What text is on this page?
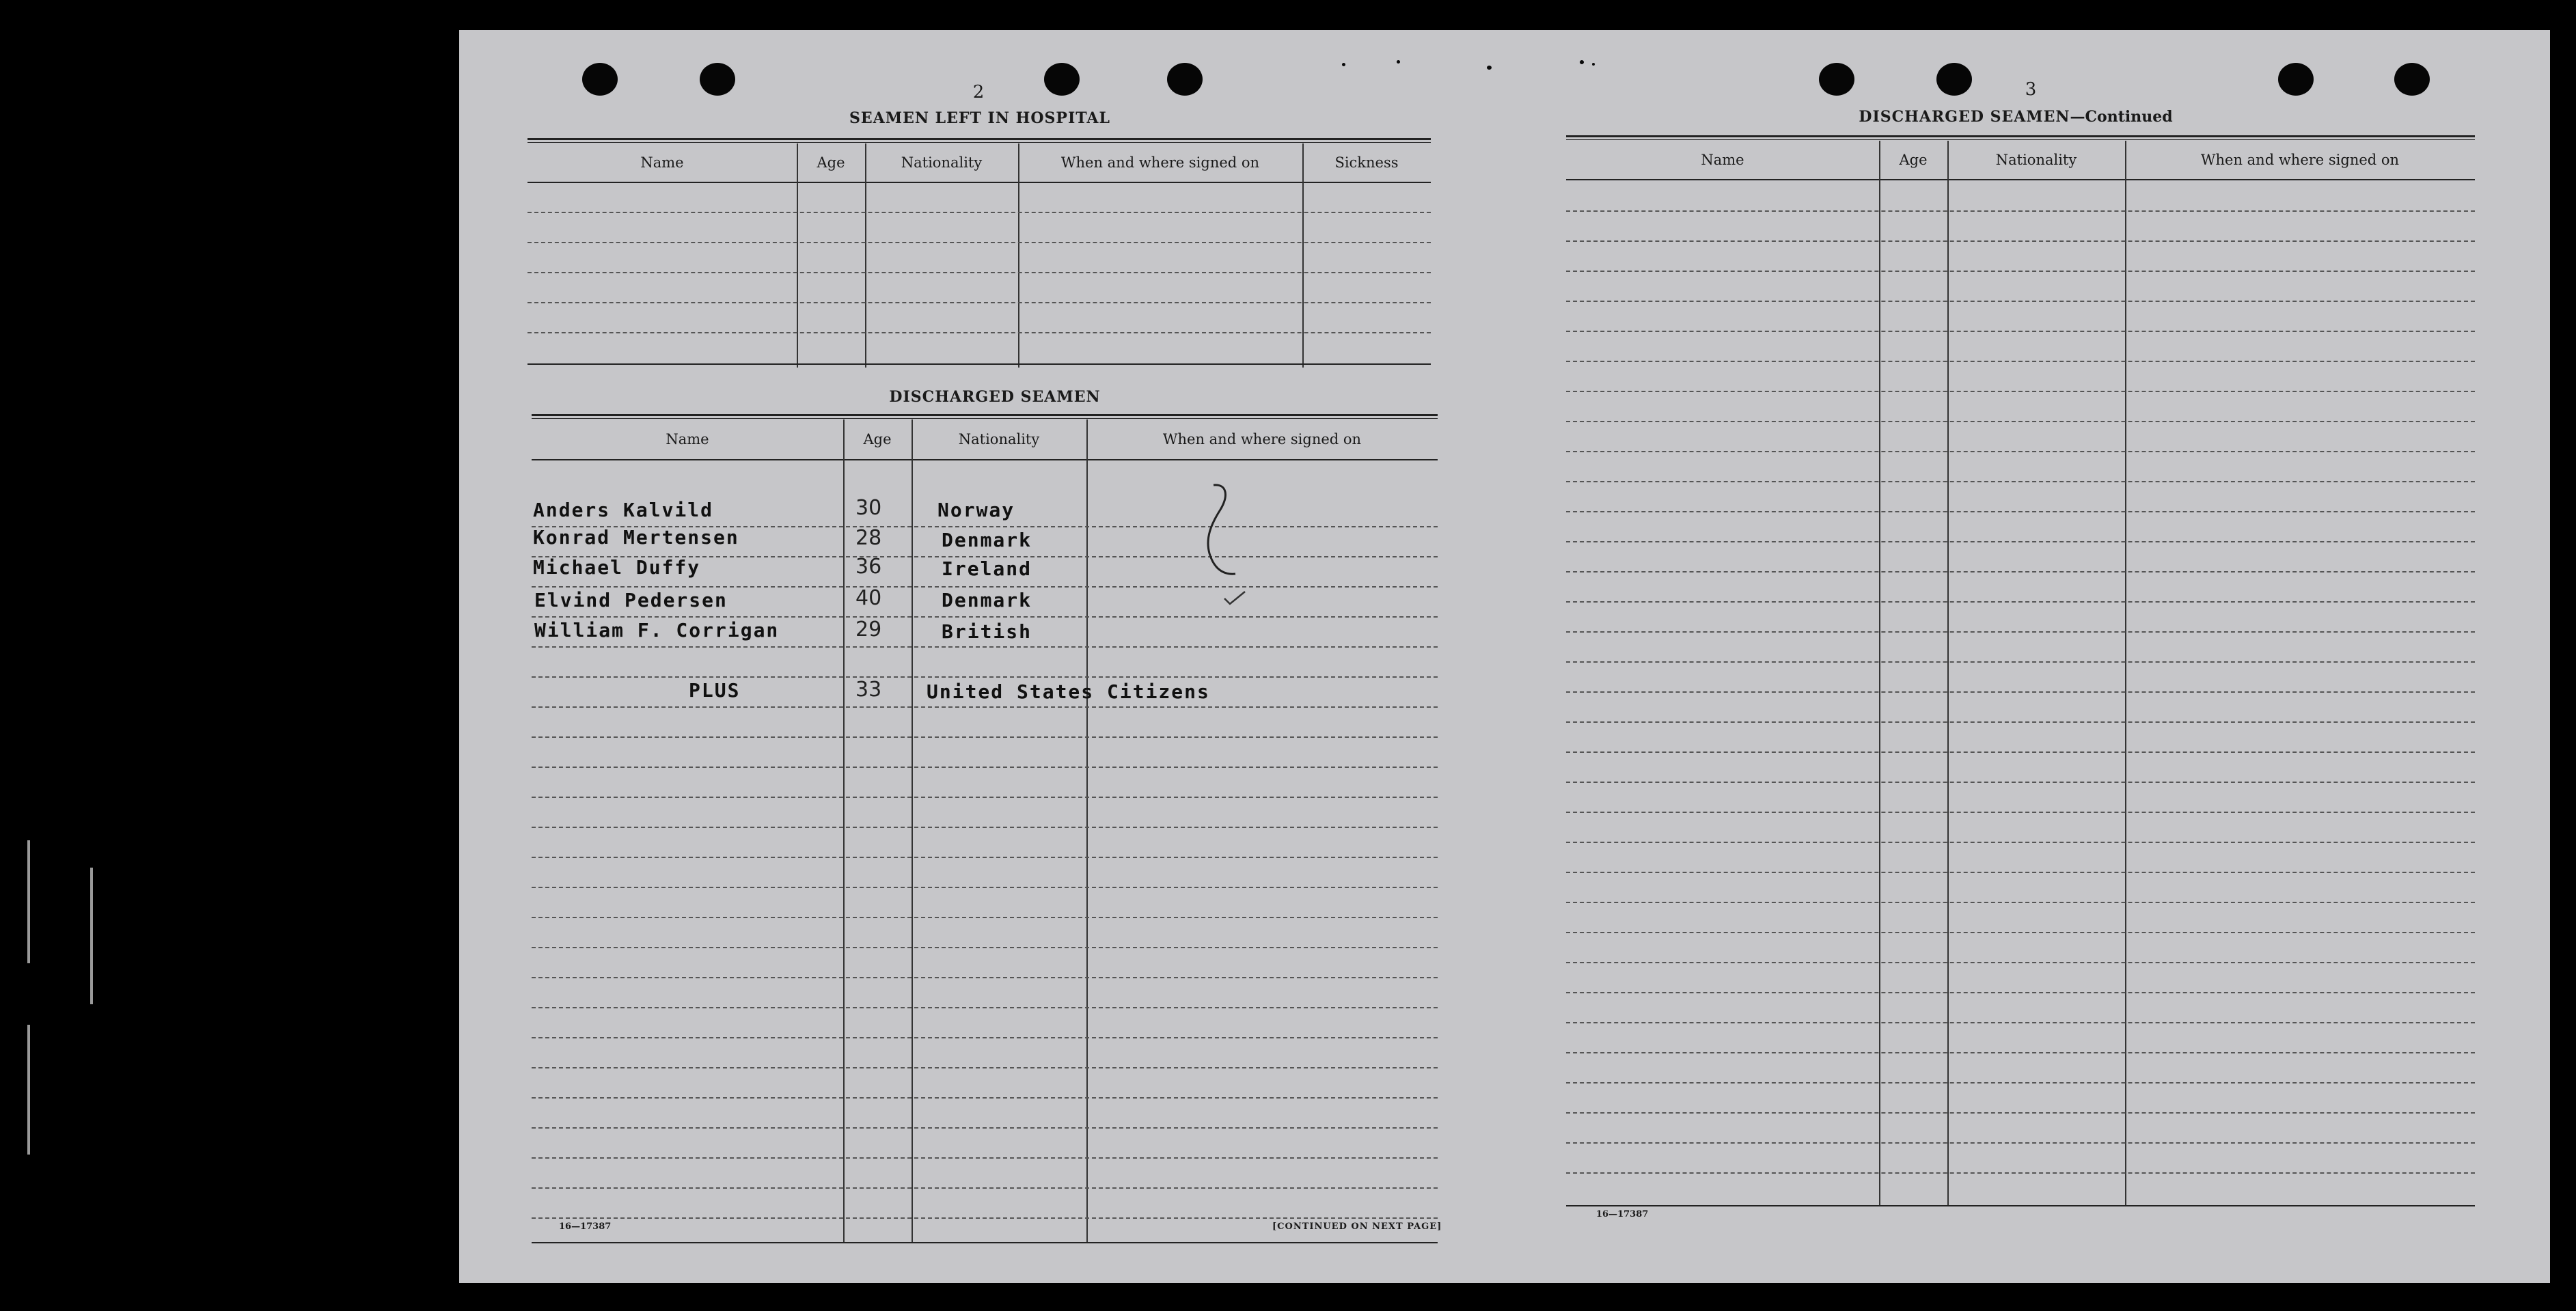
2
SEAMEN LEFT IN HOSPITAL
Name	Age	Nationality	When and where signed on	Sickness
DISCHARGED SEAMEN
Name	Age	Nationality	When and where signed on
Anders Kalvild	30	Norway
Konrad Mertensen	28	Denmark
Michael Duffy	36	Ireland
Elvind Pedersen	40	Denmark
William F. Corrigan	29	British
PLUS	33 United States Citizens
16—17387	[CONTINUED ON NEXT PAGE]
3
DISCHARGED SEAMEN—Continued
Name	Age	Nationality	When and where signed on
16—17387
